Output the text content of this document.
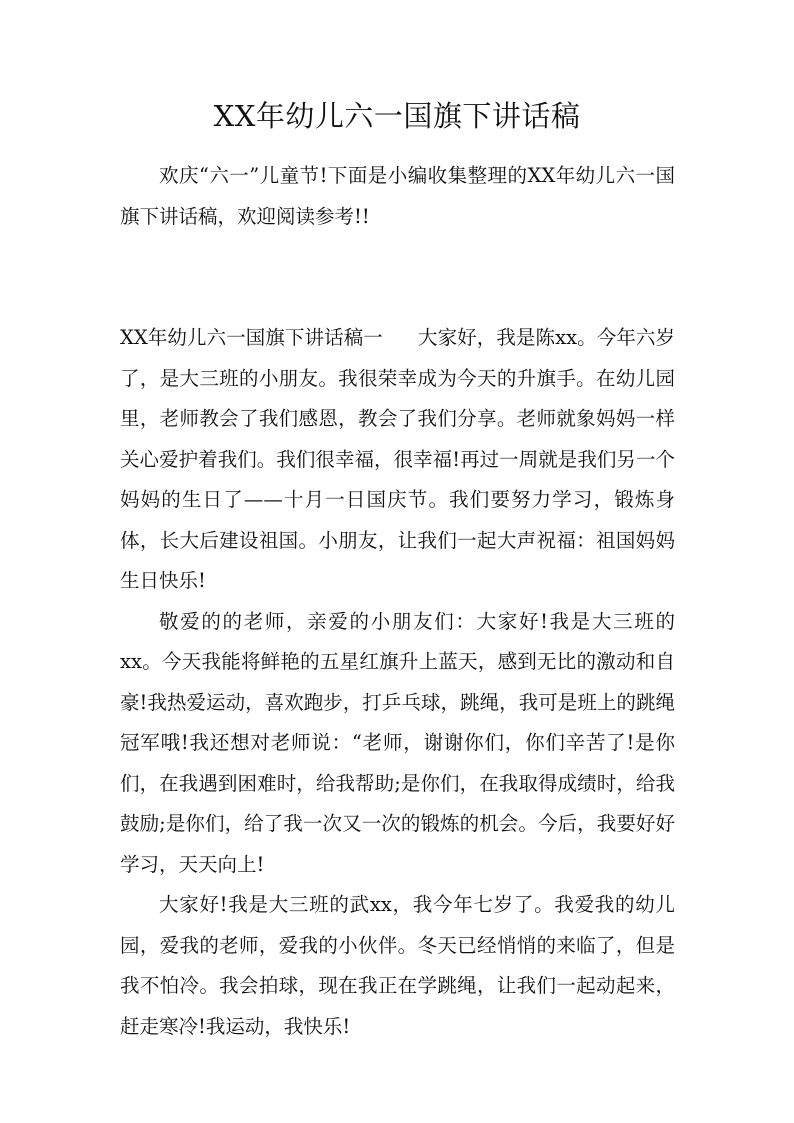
XX年幼儿六一国旗下讲话稿

欢庆“六一”儿童节!下面是小编收集整理的XX年幼儿六一国旗下讲话稿，欢迎阅读参考!!

XX年幼儿六一国旗下讲话稿一 大家好，我是陈xx。今年六岁了，是大三班的小朋友。我很荣幸成为今天的升旗手。在幼儿园里，老师教会了我们感恩，教会了我们分享。老师就象妈妈一样关心爱护着我们。我们很幸福，很幸福!再过一周就是我们另一个妈妈的生日了——十月一日国庆节。我们要努力学习，锻炼身体，长大后建设祖国。小朋友，让我们一起大声祝福：祖国妈妈 生日快乐!

敬爱的的老师，亲爱的小朋友们：大家好!我是大三班的xx。今天我能将鲜艳的五星红旗升上蓝天，感到无比的激动和自豪!我热爱运动，喜欢跑步，打乒乓球，跳绳，我可是班上的跳绳冠军哦!我还想对老师说：“老师，谢谢你们，你们辛苦了!是你们，在我遇到困难时，给我帮助;是你们，在我取得成绩时，给我鼓励;是你们，给了我一次又一次的锻炼的机会。今后，我要好好学习，天天向上!

大家好!我是大三班的武xx，我今年七岁了。我爱我的幼儿园，爱我的老师，爱我的小伙伴。冬天已经悄悄的来临了，但是我不怕冷。我会拍球，现在我正在学跳绳，让我们一起动起来，赶走寒冷!我运动，我快乐!
